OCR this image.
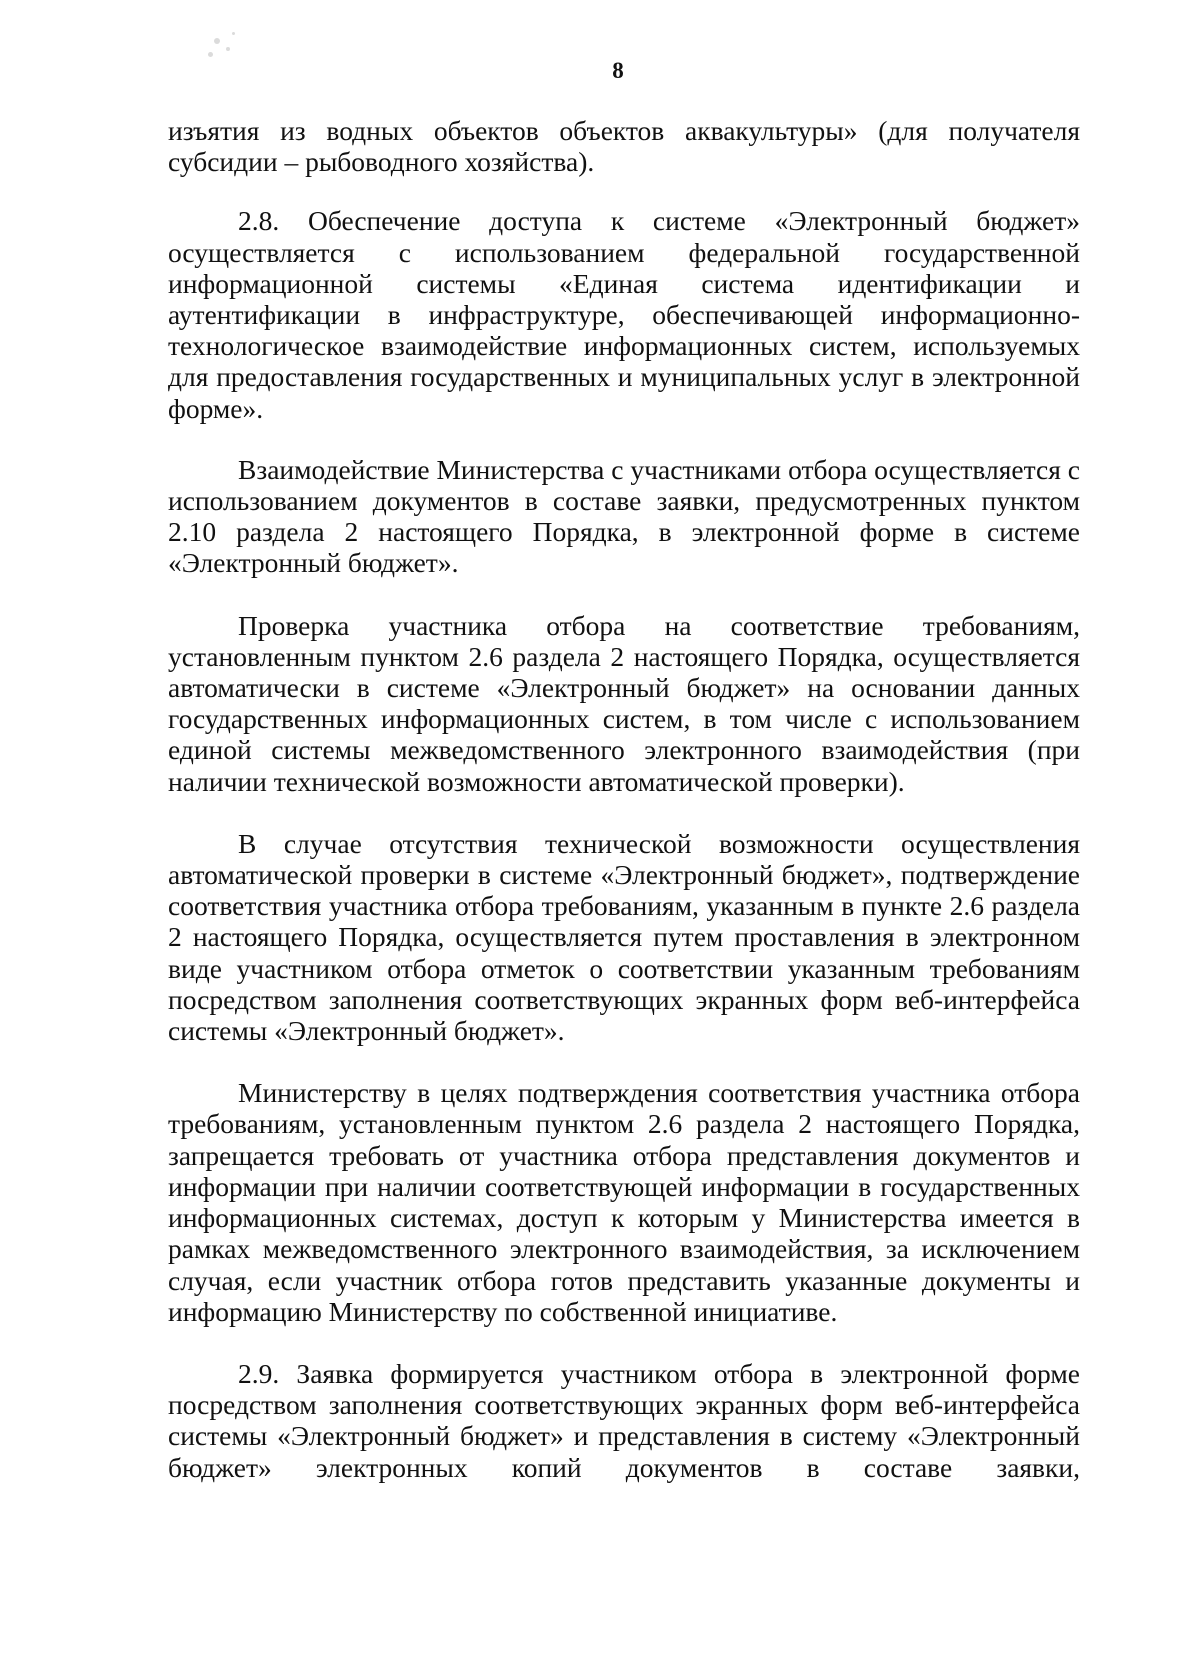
8

изъятия из водных объектов объектов аквакультуры» (для получателя субсидии – рыбоводного хозяйства).

2.8. Обеспечение доступа к системе «Электронный бюджет» осуществляется с использованием федеральной государственной информационной системы «Единая система идентификации и аутентификации в инфраструктуре, обеспечивающей информационно-технологическое взаимодействие информационных систем, используемых для предоставления государственных и муниципальных услуг в электронной форме».

Взаимодействие Министерства с участниками отбора осуществляется с использованием документов в составе заявки, предусмотренных пунктом 2.10 раздела 2 настоящего Порядка, в электронной форме в системе «Электронный бюджет».

Проверка участника отбора на соответствие требованиям, установленным пунктом 2.6 раздела 2 настоящего Порядка, осуществляется автоматически в системе «Электронный бюджет» на основании данных государственных информационных систем, в том числе с использованием единой системы межведомственного электронного взаимодействия (при наличии технической возможности автоматической проверки).

В случае отсутствия технической возможности осуществления автоматической проверки в системе «Электронный бюджет», подтверждение соответствия участника отбора требованиям, указанным в пункте 2.6 раздела 2 настоящего Порядка, осуществляется путем проставления в электронном виде участником отбора отметок о соответствии указанным требованиям посредством заполнения соответствующих экранных форм веб-интерфейса системы «Электронный бюджет».

Министерству в целях подтверждения соответствия участника отбора требованиям, установленным пунктом 2.6 раздела 2 настоящего Порядка, запрещается требовать от участника отбора представления документов и информации при наличии соответствующей информации в государственных информационных системах, доступ к которым у Министерства имеется в рамках межведомственного электронного взаимодействия, за исключением случая, если участник отбора готов представить указанные документы и информацию Министерству по собственной инициативе.

2.9. Заявка формируется участником отбора в электронной форме посредством заполнения соответствующих экранных форм веб-интерфейса системы «Электронный бюджет» и представления в систему «Электронный бюджет» электронных копий документов в составе заявки,
